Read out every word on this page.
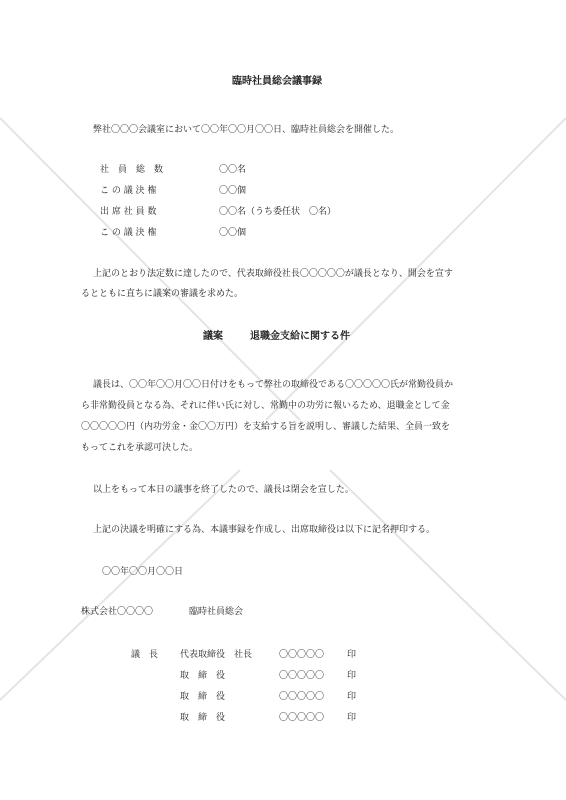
臨時社員総会議事録
弊社〇〇〇会議室において〇〇年〇〇月〇〇日、臨時社員総会を開催した。
社　員　総　数	〇〇名
こ の 議 決 権	〇〇個
出 席 社 員 数	〇〇名（うち委任状　〇名）
こ の 議 決 権	〇〇個
上記のとおり法定数に達したので、代表取締役社長〇〇〇〇〇が議長となり、開会を宣す
るとともに直ちに議案の審議を求めた。
議案	退職金支給に関する件
議長は、〇〇年〇〇月〇〇日付けをもって弊社の取締役である〇〇〇〇〇氏が常勤役員か
ら非常勤役員となる為、それに伴い氏に対し、常勤中の功労に報いるため、退職金として金
〇〇〇〇〇円（内功労金・金〇〇万円）を支給する旨を説明し、審議した結果、全員一致を
もってこれを承認可決した。
以上をもって本日の議事を終了したので、議長は閉会を宣した。
上記の決議を明確にする為、本議事録を作成し、出席取締役は以下に記名押印する。
〇〇年〇〇月〇〇日
株式会社〇〇〇〇	臨時社員総会
議　長 代表取締役　社長	〇〇〇〇〇	印
取　締　役	〇〇〇〇〇	印
取　締　役	〇〇〇〇〇	印
取　締　役	〇〇〇〇〇	印
